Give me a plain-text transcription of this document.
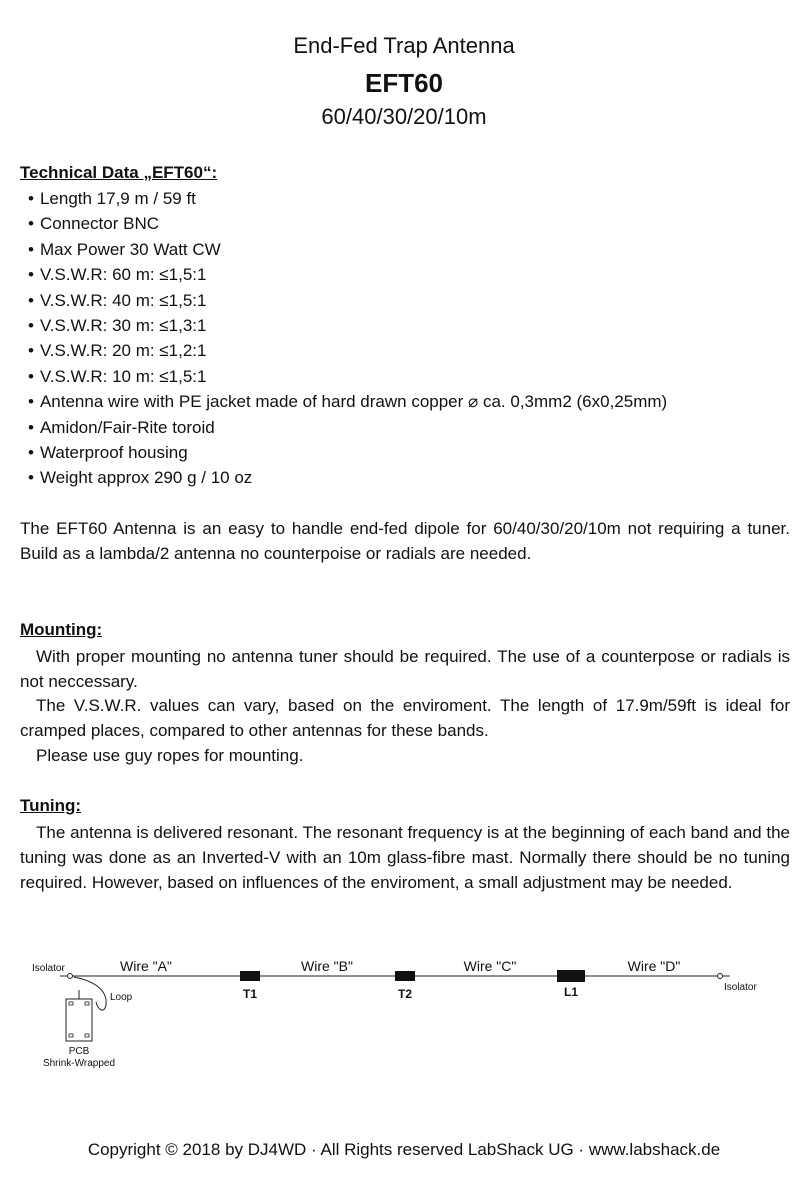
End-Fed Trap Antenna
EFT60
60/40/30/20/10m
Technical Data „EFT60“:
• Length 17,9 m / 59 ft
• Connector BNC
• Max Power 30 Watt CW
• V.S.W.R: 60 m: ≤1,5:1
• V.S.W.R: 40 m: ≤1,5:1
• V.S.W.R: 30 m: ≤1,3:1
• V.S.W.R: 20 m: ≤1,2:1
• V.S.W.R: 10 m: ≤1,5:1
• Antenna wire with PE jacket made of hard drawn copper ⌀ ca. 0,3mm2 (6x0,25mm)
• Amidon/Fair-Rite toroid
• Waterproof housing
• Weight approx 290 g / 10 oz

The EFT60 Antenna is an easy to handle end-fed dipole for 60/40/30/20/10m not requiring a tuner. Build as a lambda/2 antenna no counterpoise or radials are needed.

Mounting:

With proper mounting no antenna tuner should be required. The use of a counterpose or radials is not neccessary.

The V.S.W.R. values can vary, based on the enviroment. The length of 17.9m/59ft is ideal for cramped places, compared to other antennas for these bands.

Please use guy ropes for mounting.

Tuning:

The antenna is delivered resonant. The resonant frequency is at the beginning of each band and the tuning was done as an Inverted-V with an 10m glass-fibre mast. Normally there should be no tuning required. However, based on influences of the enviroment, a small adjustment may be needed.

Isolator
Isolator
Loop
PCB
Shrink-Wrapped
Wire "A"	Wire "B"	Wire "C"	Wire "D"
T1	T2	L1
Copyright © 2018 by DJ4WD · All Rights reserved LabShack UG · www.labshack.de
